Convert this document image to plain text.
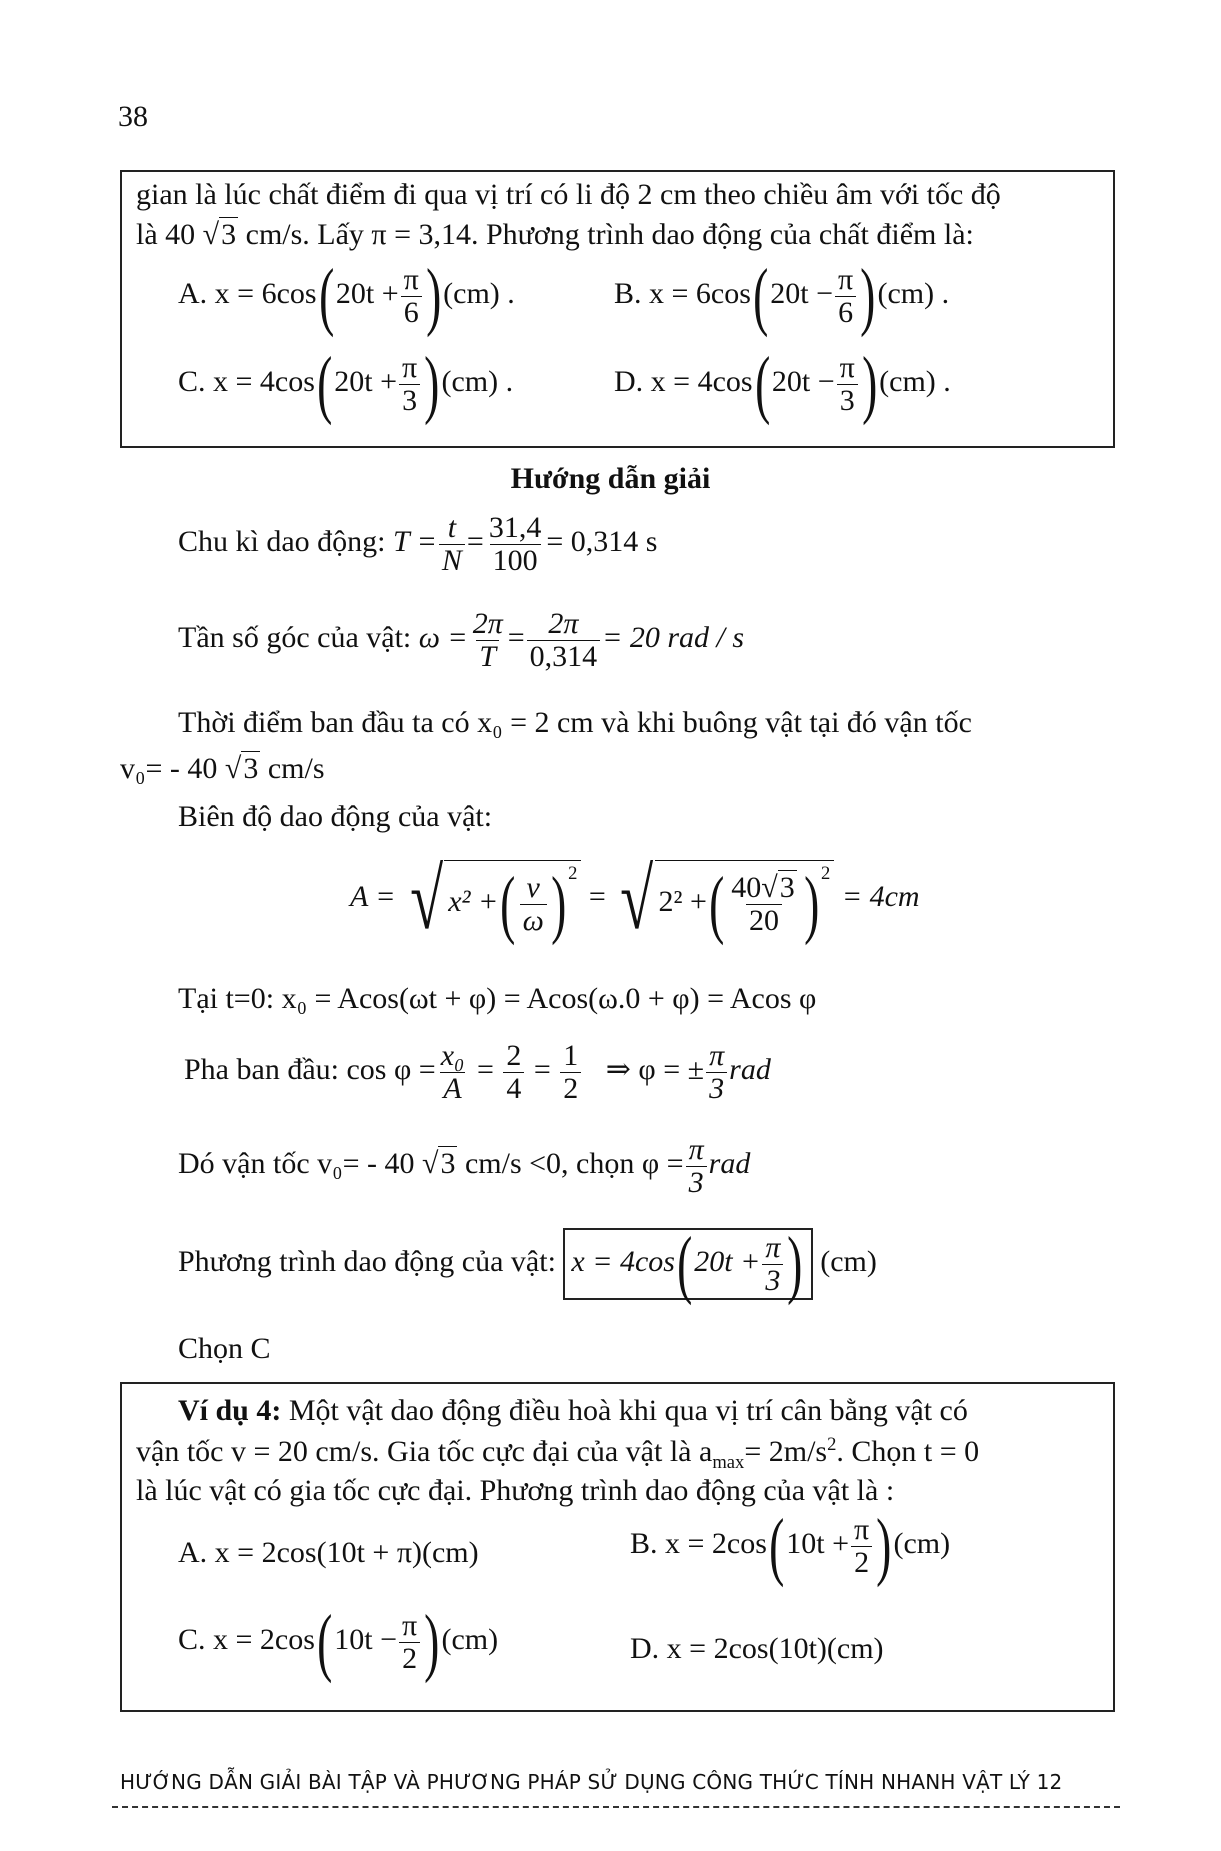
38
gian là lúc chất điểm đi qua vị trí có li độ 2 cm theo chiều âm với tốc độ
là 40 √3 cm/s. Lấy π = 3,14. Phương trình dao động của chất điểm là:
A. $x = 6\cos(20t + \frac{\pi}{6} )(cm)$ .	B. $x = 6\cos(20t - \frac{\pi}{6} )(cm)$ .
C. $x = 4\cos(20t + \frac{\pi}{3} )(cm)$ .	D. $x = 4\cos(20t - \frac{\pi}{3} )(cm)$ .
Hướng dẫn giải
Chu kì dao động: $T = \frac{t}{N} = \frac{31,4}{100} = 0,314$ s
Tần số góc của vật: $\omega = \frac{2\pi}{T} = \frac{2\pi}{0,314} = 20$ rad / s
Thời điểm ban đầu ta có x₀ = 2 cm và khi buông vật tại đó vận tốc
v₀= - 40 √3 cm/s
Biên độ dao động của vật:
A = √ x² +( $\frac{v}{\omega}$ ) $^2$ = √ 2² +( $\frac{40√3}{20}$ ) $^2$ = 4cm
Tại t=0: x₀ = Acos(ωt + φ) = Acos(ω.0 + φ) = Acos φ
Pha ban đầu: $\cos \varphi = \frac{\text{x₀}}{A} = \frac{2}{4} = \frac{1}{2}$ ⇒ φ = ± $\frac{\pi}{3}$ rad
Dó vận tốc v₀= - 40 √3 cm/s <0, chọn $\varphi = \frac{\pi}{3}$ rad
Phương trình dao động của vật: $x = 4\cos(20t + \frac{\pi}{3}$ ) (cm)
Chọn C
Ví dụ 4: Một vật dao động điều hoà khi qua vị trí cân bằng vật có
vận tốc v = 20 cm/s. Gia tốc cực đại của vật là $a_{max}= 2m/s^2$. Chọn t = 0
là lúc vật có gia tốc cực đại. Phương trình dao động của vật là :
A. x = 2cos(10t + π)(cm)	B. $x = 2\cos(10t + \frac{\pi}{2} )(cm)$
C. $x = 2\cos(10t - \frac{\pi}{2} )(cm)$	D. x = 2cos(10t)(cm)
HƯỚNG DẪN GIẢI BÀI TẬP VÀ PHƯƠNG PHÁP SỬ DỤNG CÔNG THỨC TÍNH NHANH VẬT LÝ 12
